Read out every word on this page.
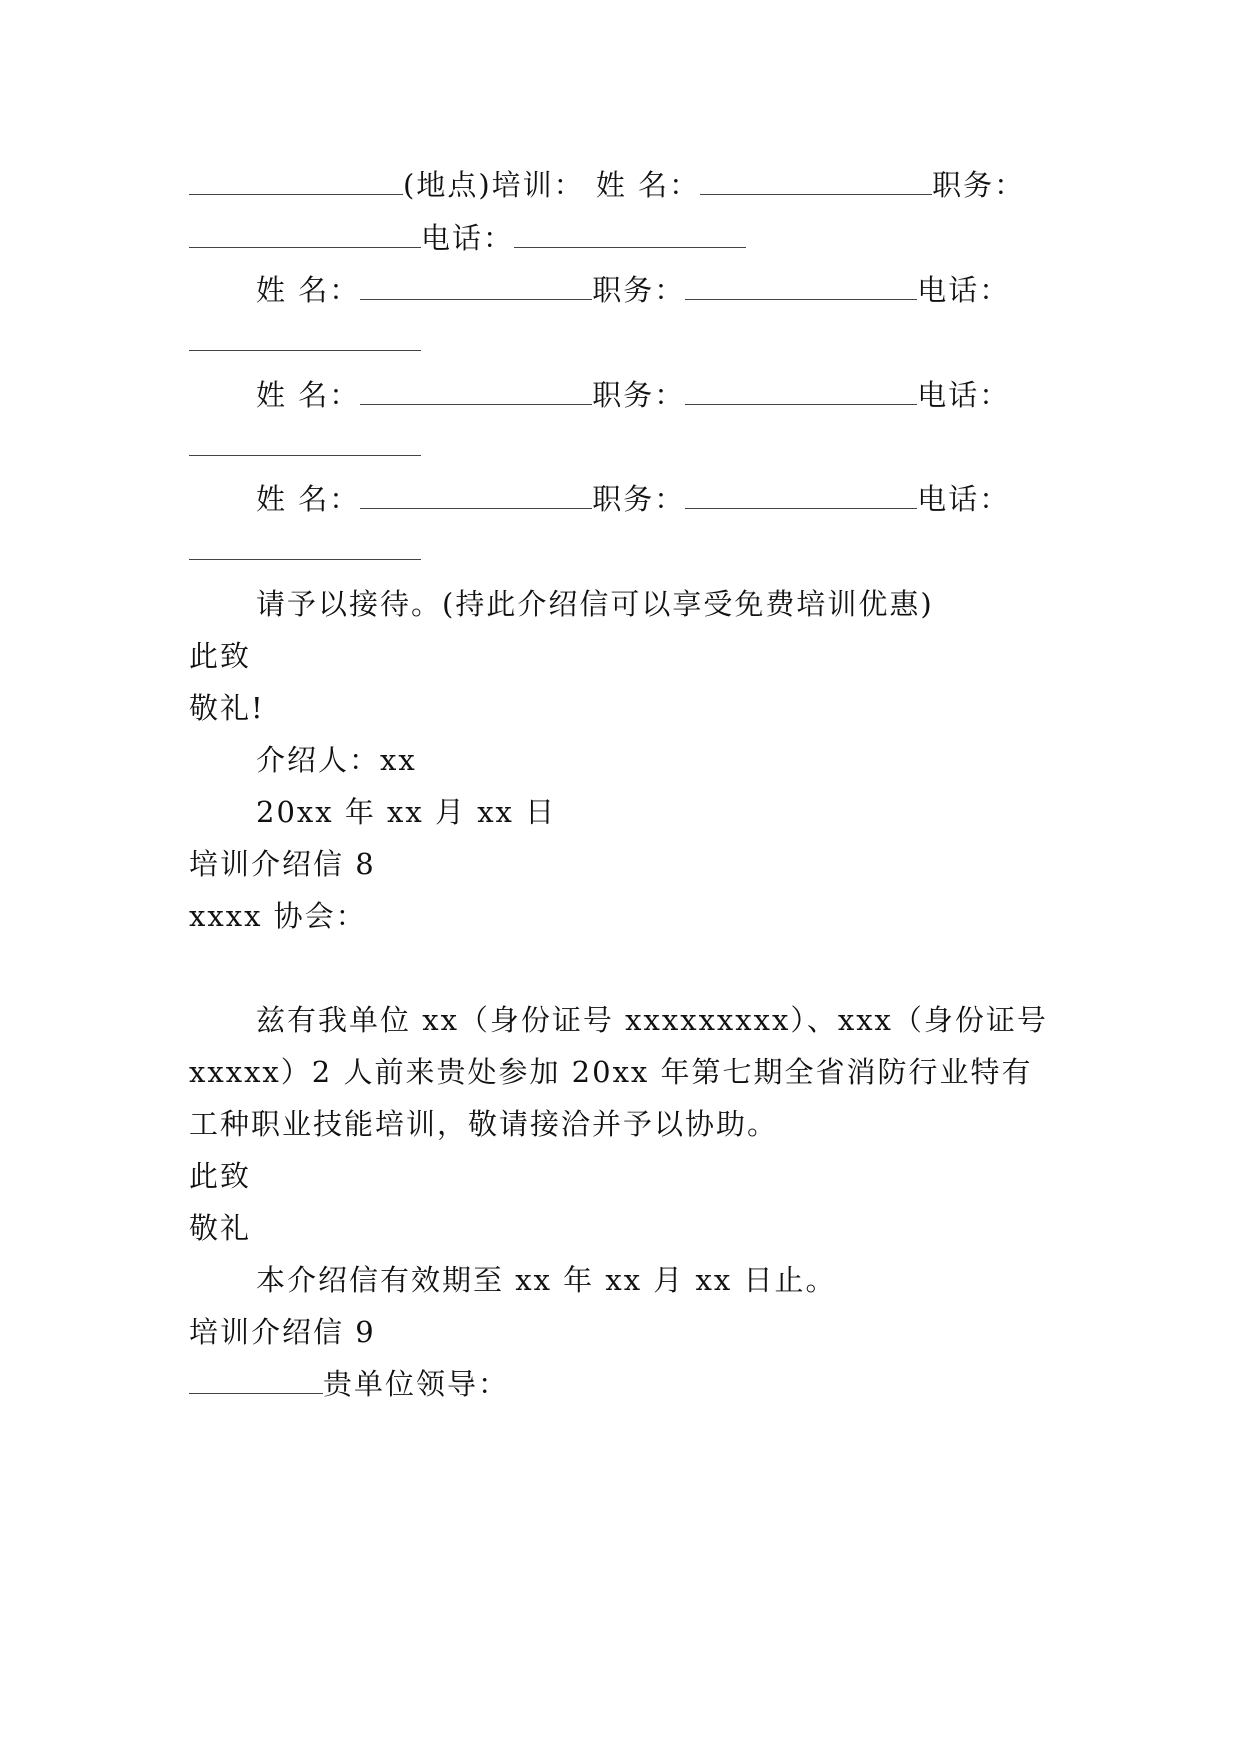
(地点)培训： 姓 名：	职务：
电话：
姓 名：	职务：	电话：
姓 名：	职务：	电话：
姓 名：	职务：	电话：
请予以接待。(持此介绍信可以享受免费培训优惠)
此致
敬礼!
介绍人：xx
20xx 年 xx 月 xx 日
培训介绍信 8
xxxx 协会：
兹有我单位 xx（身份证号 xxxxxxxxx）、xxx（身份证号
xxxxx）2 人前来贵处参加 20xx 年第七期全省消防行业特有
工种职业技能培训，敬请接洽并予以协助。
此致
敬礼
本介绍信有效期至 xx 年 xx 月 xx 日止。
培训介绍信 9
贵单位领导：
